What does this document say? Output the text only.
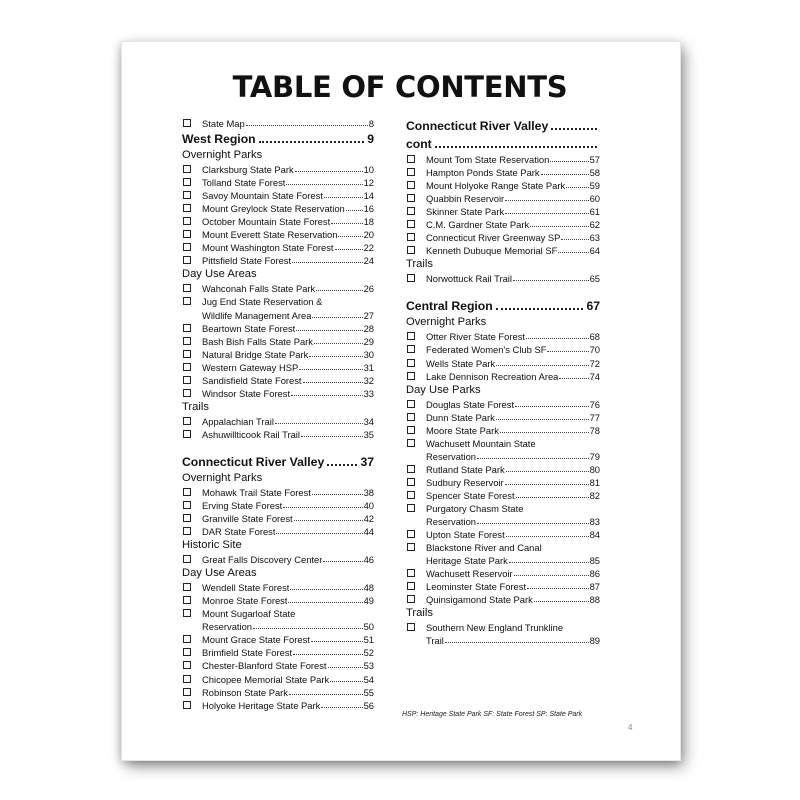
TABLE OF CONTENTS
State Map	8
West Region	9
Overnight Parks
Clarksburg State Park	10
Tolland State Forest	12
Savoy Mountain State Forest	14
Mount Greylock State Reservation 16
October Mountain State Forest	18
Mount Everett State Reservation	20
Mount Washington State Forest	22
Pittsfield State Forest	24
Day Use Areas
Wahconah Falls State Park	26
Jug End State Reservation &
Wildlife Management Area	27
Beartown State Forest	28
Bash Bish Falls State Park	29
Natural Bridge State Park	30
Western Gateway HSP	31
Sandisfield State Forest	32
Windsor State Forest	33
Trails
Appalachian Trail	34
Ashuwillticook Rail Trail	35
Connecticut River Valley	37
Overnight Parks
Mohawk Trail State Forest	38
Erving State Forest	40
Granville State Forest	42
DAR State Forest	44
Historic Site
Great Falls Discovery Center	46
Day Use Areas
Wendell State Forest	48
Monroe State Forest	49
Mount Sugarloaf State
Reservation	50
Mount Grace State Forest	51
Brimfield State Forest	52
Chester-Blanford State Forest	53
Chicopee Memorial State Park	54
Robinson State Park	55
Holyoke Heritage State Park	56
Connecticut River Valley
cont
Mount Tom State Reservation	57
Hampton Ponds State Park	58
Mount Holyoke Range State Park	59
Quabbin Reservoir	60
Skinner State Park	61
C.M. Gardner State Park	62
Connecticut River Greenway SP	63
Kenneth Dubuque Memorial SF	64
Trails
Norwottuck Rail Trail	65
Central Region	67
Overnight Parks
Otter River State Forest	68
Federated Women's Club SF	70
Wells State Park	72
Lake Dennison Recreation Area	74
Day Use Parks
Douglas State Forest	76
Dunn State Park	77
Moore State Park	78
Wachusett Mountain State
Reservation	79
Rutland State Park	80
Sudbury Reservoir	81
Spencer State Forest	82
Purgatory Chasm State
Reservation	83
Upton State Forest	84
Blackstone River and Canal
Heritage State Park	85
Wachusett Reservoir	86
Leominster State Forest	87
Quinsigamond State Park	88
Trails
Southern New England Trunkline
Trail	89
HSP: Heritage State Park SF: State Forest SP: State Park
4
